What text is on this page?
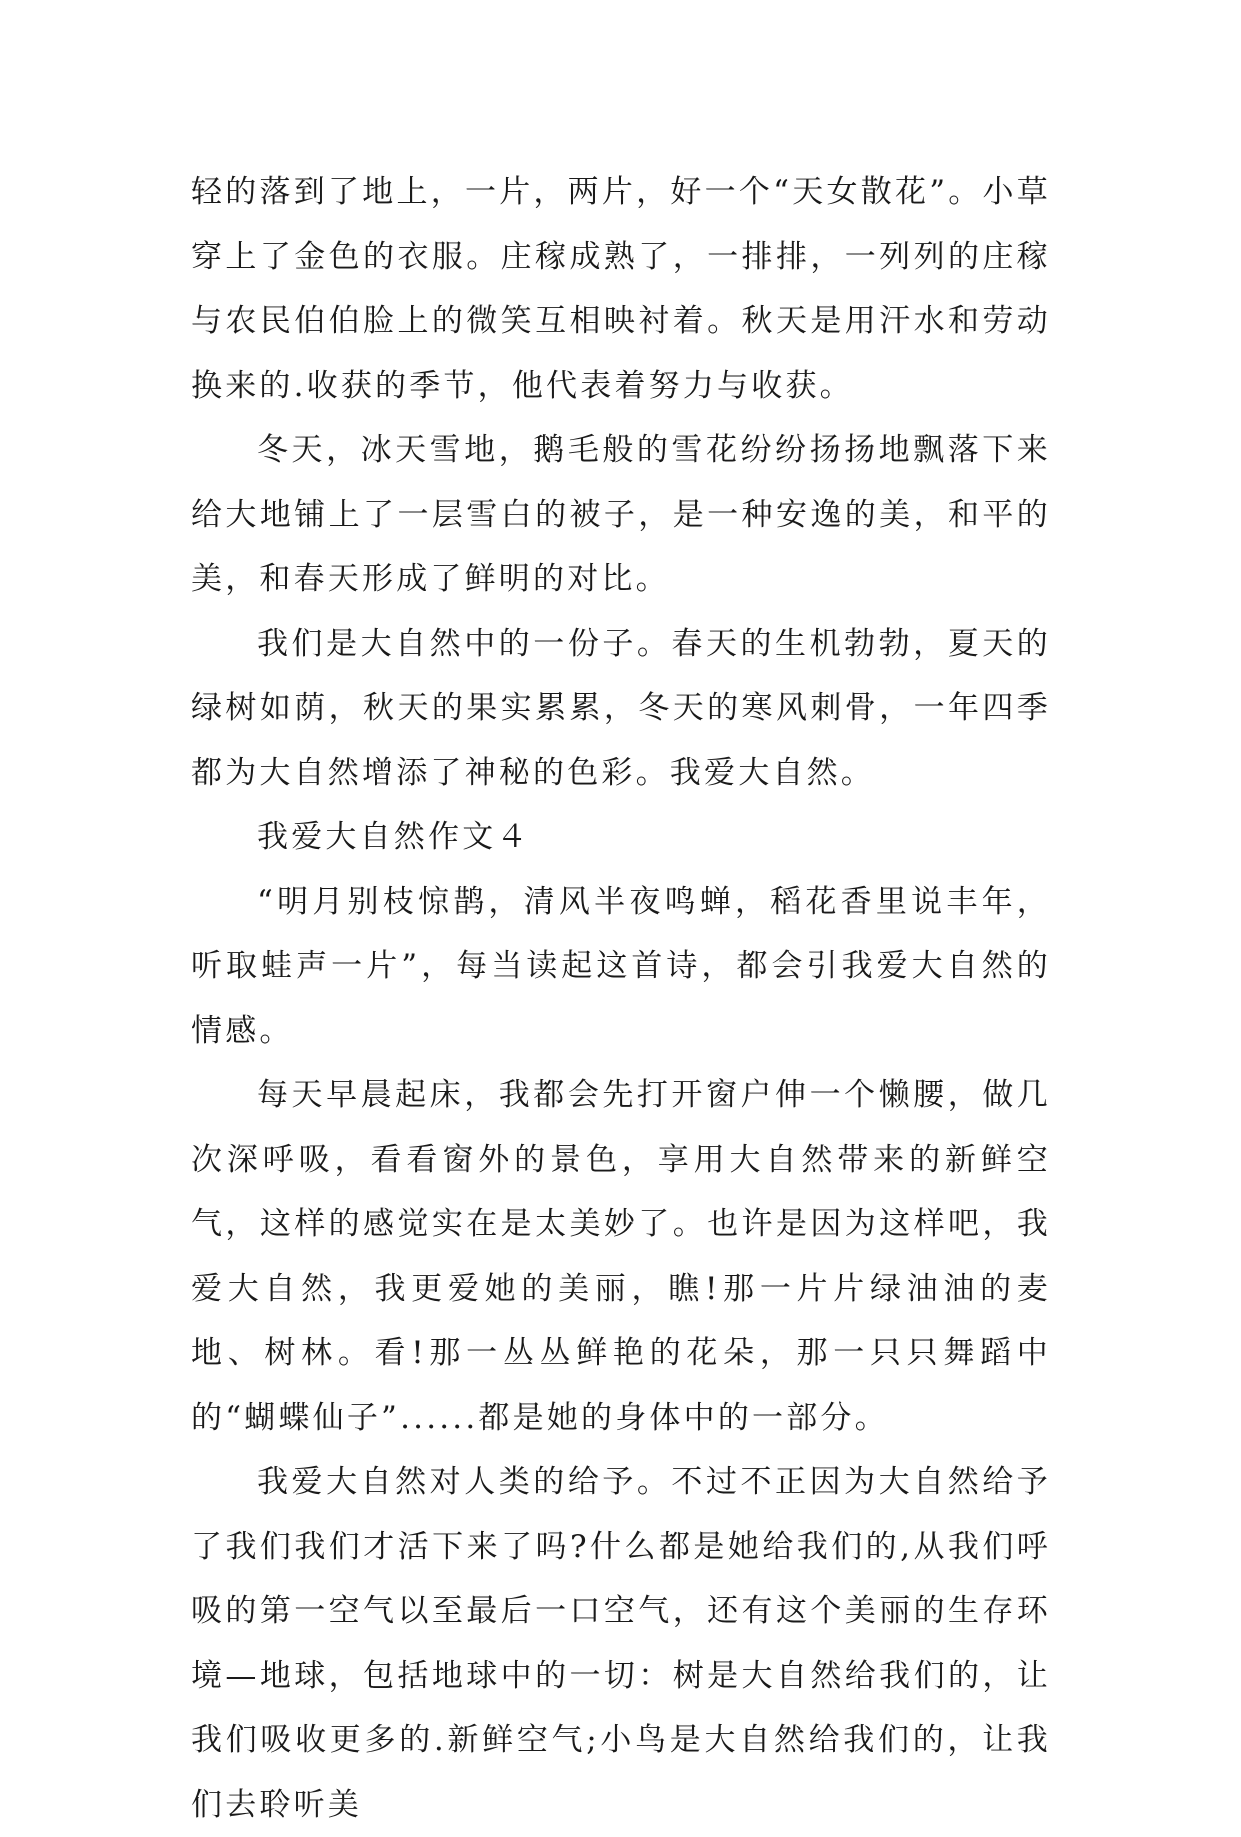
轻的落到了地上，一片，两片，好一个“天女散花”。小草穿上了金色的衣服。庄稼成熟了，一排排，一列列的庄稼与农民伯伯脸上的微笑互相映衬着。秋天是用汗水和劳动换来的.收获的季节，他代表着努力与收获。

冬天，冰天雪地，鹅毛般的雪花纷纷扬扬地飘落下来给大地铺上了一层雪白的被子，是一种安逸的美，和平的美，和春天形成了鲜明的对比。

我们是大自然中的一份子。春天的生机勃勃，夏天的绿树如荫，秋天的果实累累，冬天的寒风刺骨，一年四季都为大自然增添了神秘的色彩。我爱大自然。

我爱大自然作文４

“明月别枝惊鹊，清风半夜鸣蝉，稻花香里说丰年，听取蛙声一片”，每当读起这首诗，都会引我爱大自然的情感。

每天早晨起床，我都会先打开窗户伸一个懒腰，做几次深呼吸，看看窗外的景色，享用大自然带来的新鲜空气，这样的感觉实在是太美妙了。也许是因为这样吧，我爱大自然，我更爱她的美丽，瞧!那一片片绿油油的麦地、树林。看!那一丛丛鲜艳的花朵，那一只只舞蹈中的“蝴蝶仙子”......都是她的身体中的一部分。

我爱大自然对人类的给予。不过不正因为大自然给予了我们我们才活下来了吗?什么都是她给我们的,从我们呼吸的第一空气以至最后一口空气，还有这个美丽的生存环境—地球，包括地球中的一切：树是大自然给我们的，让我们吸收更多的.新鲜空气;小鸟是大自然给我们的，让我们去聆听美
